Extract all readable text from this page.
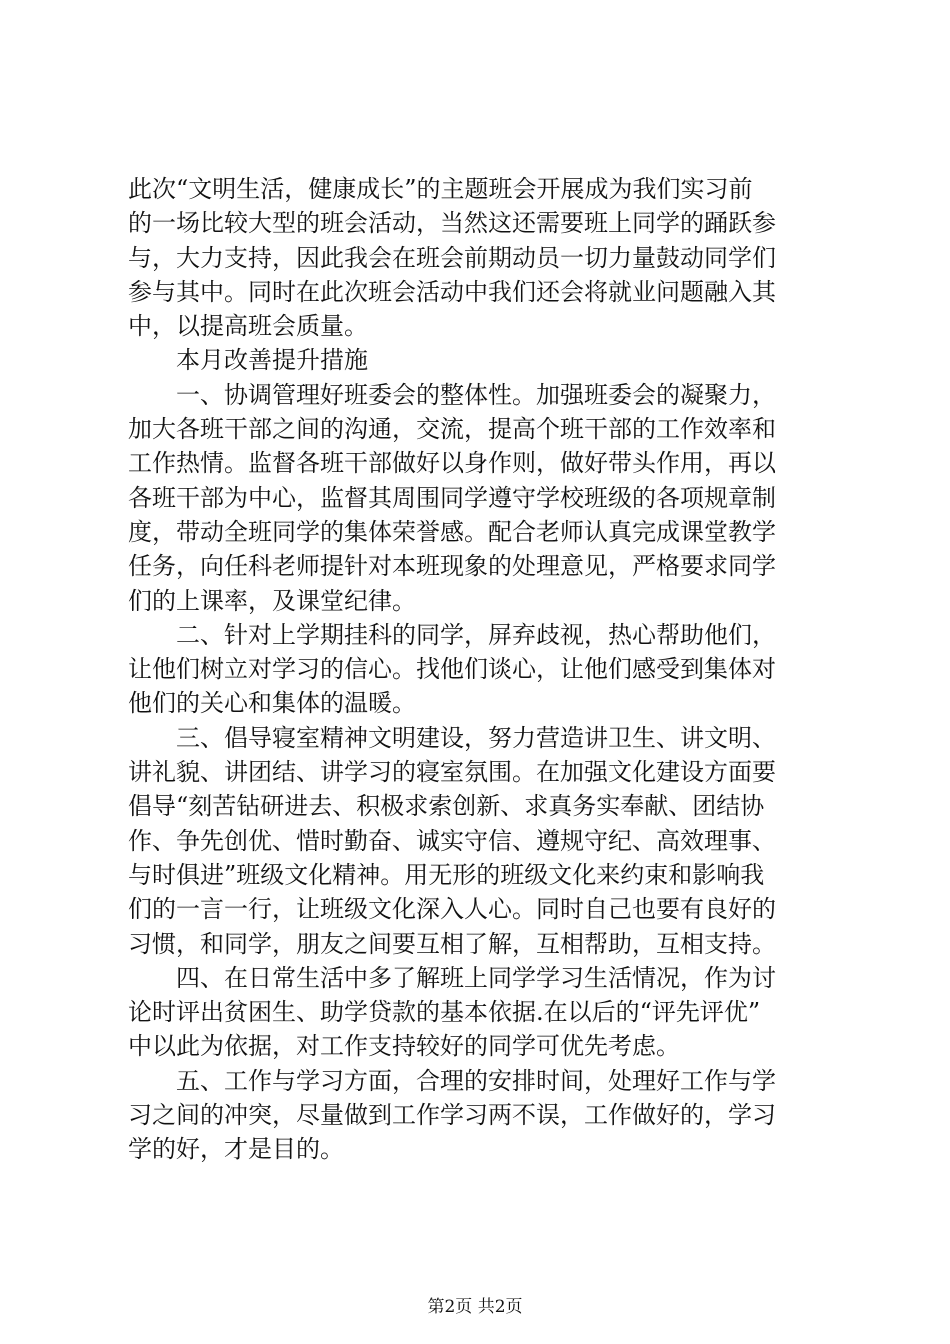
此次“文明生活，健康成长”的主题班会开展成为我们实习前
的一场比较大型的班会活动，当然这还需要班上同学的踊跃参
与，大力支持，因此我会在班会前期动员一切力量鼓动同学们
参与其中。同时在此次班会活动中我们还会将就业问题融入其
中，以提高班会质量。
　　本月改善提升措施
　　一、协调管理好班委会的整体性。加强班委会的凝聚力，
加大各班干部之间的沟通，交流，提高个班干部的工作效率和
工作热情。监督各班干部做好以身作则，做好带头作用，再以
各班干部为中心，监督其周围同学遵守学校班级的各项规章制
度，带动全班同学的集体荣誉感。配合老师认真完成课堂教学
任务，向任科老师提针对本班现象的处理意见，严格要求同学
们的上课率，及课堂纪律。
　　二、针对上学期挂科的同学，屏弃歧视，热心帮助他们，
让他们树立对学习的信心。找他们谈心，让他们感受到集体对
他们的关心和集体的温暖。
　　三、倡导寝室精神文明建设，努力营造讲卫生、讲文明、
讲礼貌、讲团结、讲学习的寝室氛围。在加强文化建设方面要
倡导“刻苦钻研进去、积极求索创新、求真务实奉献、团结协
作、争先创优、惜时勤奋、诚实守信、遵规守纪、高效理事、
与时俱进”班级文化精神。用无形的班级文化来约束和影响我
们的一言一行，让班级文化深入人心。同时自己也要有良好的
习惯，和同学，朋友之间要互相了解，互相帮助，互相支持。
　　四、在日常生活中多了解班上同学学习生活情况，作为讨
论时评出贫困生、助学贷款的基本依据.在以后的“评先评优”
中以此为依据，对工作支持较好的同学可优先考虑。
　　五、工作与学习方面，合理的安排时间，处理好工作与学
习之间的冲突，尽量做到工作学习两不误，工作做好的，学习
学的好，才是目的。
第2页 共2页
